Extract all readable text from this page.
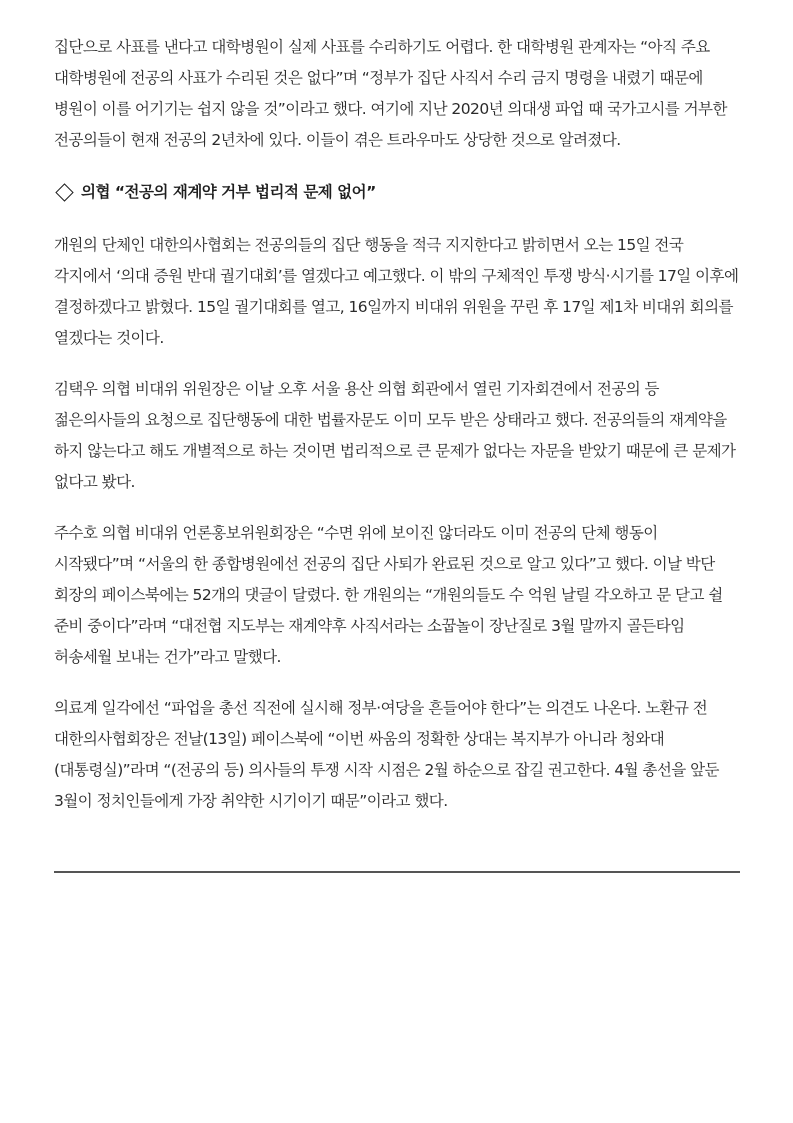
집단으로 사표를 낸다고 대학병원이 실제 사표를 수리하기도 어렵다. 한 대학병원 관계자는 “아직 주요 대학병원에 전공의 사표가 수리된 것은 없다”며 “정부가 집단 사직서 수리 금지 명령을 내렸기 때문에 병원이 이를 어기기는 쉽지 않을 것”이라고 했다. 여기에 지난 2020년 의대생 파업 때 국가고시를 거부한 전공의들이 현재 전공의 2년차에 있다. 이들이 겪은 트라우마도 상당한 것으로 알려졌다.

의협 “전공의 재계약 거부 법리적 문제 없어”

개원의 단체인 대한의사협회는 전공의들의 집단 행동을 적극 지지한다고 밝히면서 오는 15일 전국 각지에서 ‘의대 증원 반대 궐기대회’를 열겠다고 예고했다. 이 밖의 구체적인 투쟁 방식·시기를 17일 이후에 결정하겠다고 밝혔다. 15일 궐기대회를 열고, 16일까지 비대위 위원을 꾸린 후 17일 제1차 비대위 회의를 열겠다는 것이다.

김택우 의협 비대위 위원장은 이날 오후 서울 용산 의협 회관에서 열린 기자회견에서 전공의 등 젊은의사들의 요청으로 집단행동에 대한 법률자문도 이미 모두 받은 상태라고 했다. 전공의들의 재계약을 하지 않는다고 해도 개별적으로 하는 것이면 법리적으로 큰 문제가 없다는 자문을 받았기 때문에 큰 문제가 없다고 봤다.

주수호 의협 비대위 언론홍보위원회장은 “수면 위에 보이진 않더라도 이미 전공의 단체 행동이 시작됐다”며 “서울의 한 종합병원에선 전공의 집단 사퇴가 완료된 것으로 알고 있다”고 했다. 이날 박단 회장의 페이스북에는 52개의 댓글이 달렸다. 한 개원의는 “개원의들도 수 억원 날릴 각오하고 문 닫고 쉴 준비 중이다”라며 “대전협 지도부는 재계약후 사직서라는 소꿉놀이 장난질로 3월 말까지 골든타임 허송세월 보내는 건가”라고 말했다.

의료계 일각에선 “파업을 총선 직전에 실시해 정부·여당을 흔들어야 한다”는 의견도 나온다. 노환규 전 대한의사협회장은 전날(13일) 페이스북에 “이번 싸움의 정확한 상대는 복지부가 아니라 청와대(대통령실)”라며 “(전공의 등) 의사들의 투쟁 시작 시점은 2월 하순으로 잡길 권고한다. 4월 총선을 앞둔 3월이 정치인들에게 가장 취약한 시기이기 때문”이라고 했다.
